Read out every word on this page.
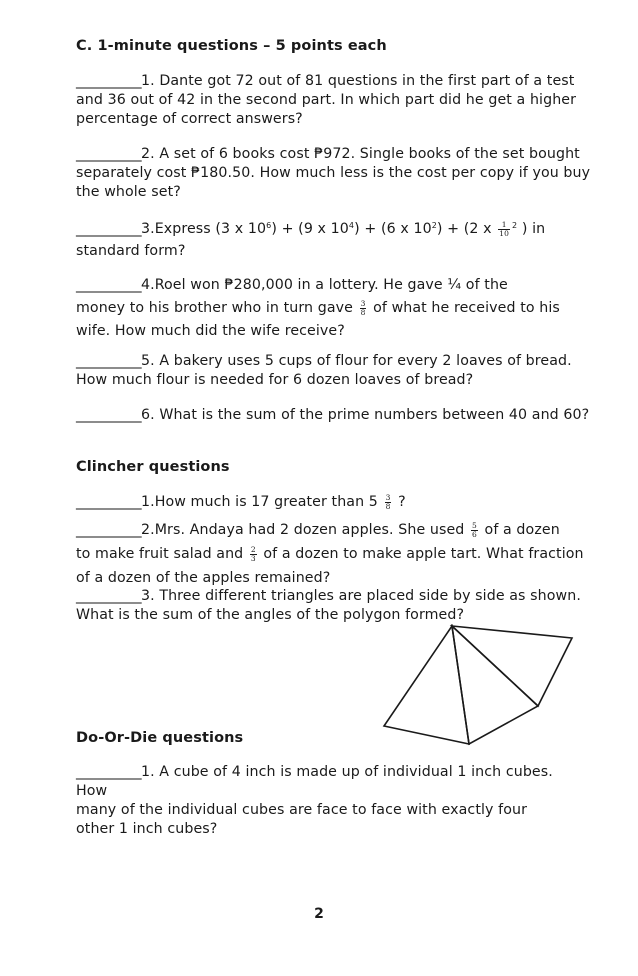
C. 1-minute questions – 5 points each
__________1. Dante got 72 out of 81 questions in the first part of a test and 36 out of 42 in the second part. In which part did he get a higher percentage of correct answers?
__________2. A set of 6 books cost ₱972. Single books of the set bought separately cost ₱180.50. How much less is the cost per copy if you buy the whole set?
__________3.Express (3 x $10^6) + (9$ x $10^4) + (6$ x $10^2) + (2$ x $\frac{1}{10} ^2$ ) in
standard form?
__________4.Roel won ₱280,000 in a lottery. He gave ¼ of the
money to his brother who in turn gave $\frac{3}{8}$ of what he received to his
wife. How much did the wife receive?
__________5. A bakery uses 5 cups of flour for every 2 loaves of bread. How much flour is needed for 6 dozen loaves of bread?
__________6. What is the sum of the prime numbers between 40 and 60?
Clincher questions
__________1.How much is 17 greater than $5 \frac{3}{8}$ ?
__________2.Mrs. Andaya had 2 dozen apples. She used $\frac{5}{6}$ of a dozen
to make fruit salad and $\frac{2}{3}$ of a dozen to make apple tart. What fraction
of a dozen of the apples remained?
__________3. Three different triangles are placed side by side as shown. What is the sum of the angles of the polygon formed?
Do-Or-Die questions
__________1. A cube of 4 inch is made up of individual 1 inch cubes.
How
many of the individual cubes are face to face with exactly four
other 1 inch cubes?
2
